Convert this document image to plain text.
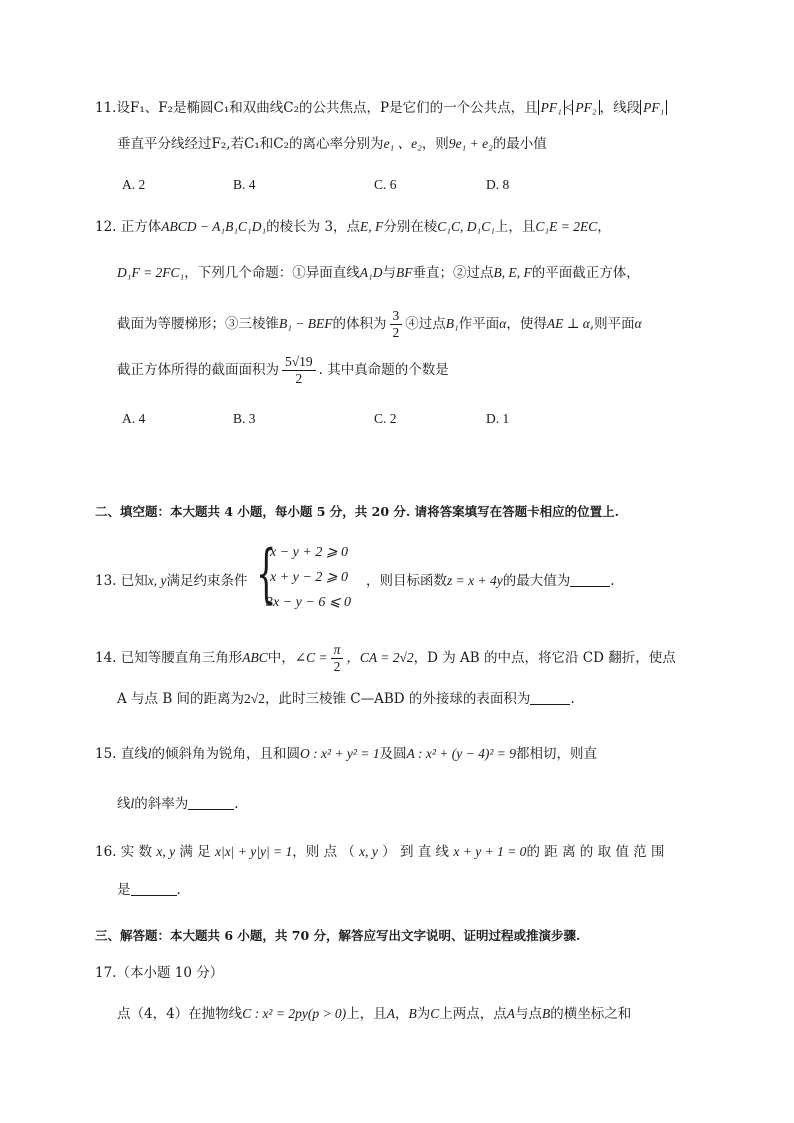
11.设F₁、F₂是椭圆C₁和双曲线C₂的公共焦点，P是它们的一个公共点，且 PF₁ < PF₂ ，线段 PF₁
垂直平分线经过F₂,若C₁和C₂的离心率分别为e₁ 、e₂，则9e₁ + e₂的最小值
A. 2	B. 4	C. 6	D. 8
12. 正方体ABCD − A₁B₁C₁D₁的棱长为 3，点E, F分别在棱C₁C, D₁C₁上，且C₁E = 2EC，
D₁F = 2FC₁，下列几个命题：①异面直线A₁D与BF垂直；②过点B, E, F的平面截正方体，
截面为等腰梯形；③三棱锥B₁ − BEF的体积为 $\frac{3}{2}$ ④过点B₁作平面α，使得AE ⊥ α,则平面α
截正方体所得的截面面积为 $\frac{5√19}{2}$ . 其中真命题的个数是
A. 4	B. 3	C. 2	D. 1
二、填空题：本大题共 4 小题，每小题 5 分，共 20 分. 请将答案填写在答题卡相应的位置上.
13. 已知x, y满足约束条件 {
x − y + 2 ⩾ 0
x + y − 2 ⩾ 0
3x − y − 6 ⩽ 0
，则目标函数z = x + 4y的最大值为	.
14. 已知等腰直角三角形ABC中，∠C = $\frac{\pi}{2}$ ，CA = 2√2，D 为 AB 的中点，将它沿 CD 翻折，使点
A 与点 B 间的距离为2√2，此时三棱锥 C—ABD 的外接球的表面积为	.
15. 直线l的倾斜角为锐角，且和圆O : x² + y² = 1及圆A : x² + (y − 4)² = 9都相切，则直
线l的斜率为	.
16. 实 数 x, y 满 足 x|x| + y|y| = 1，则 点 （ x, y ） 到 直 线 x + y + 1 = 0的 距 离 的 取 值 范 围
是	.
三、解答题：本大题共 6 小题，共 70 分，解答应写出文字说明、证明过程或推演步骤.
17.（本小题 10 分）
点（4，4）在抛物线C : x² = 2py(p > 0)上，且A，B为C上两点，点A与点B的横坐标之和
